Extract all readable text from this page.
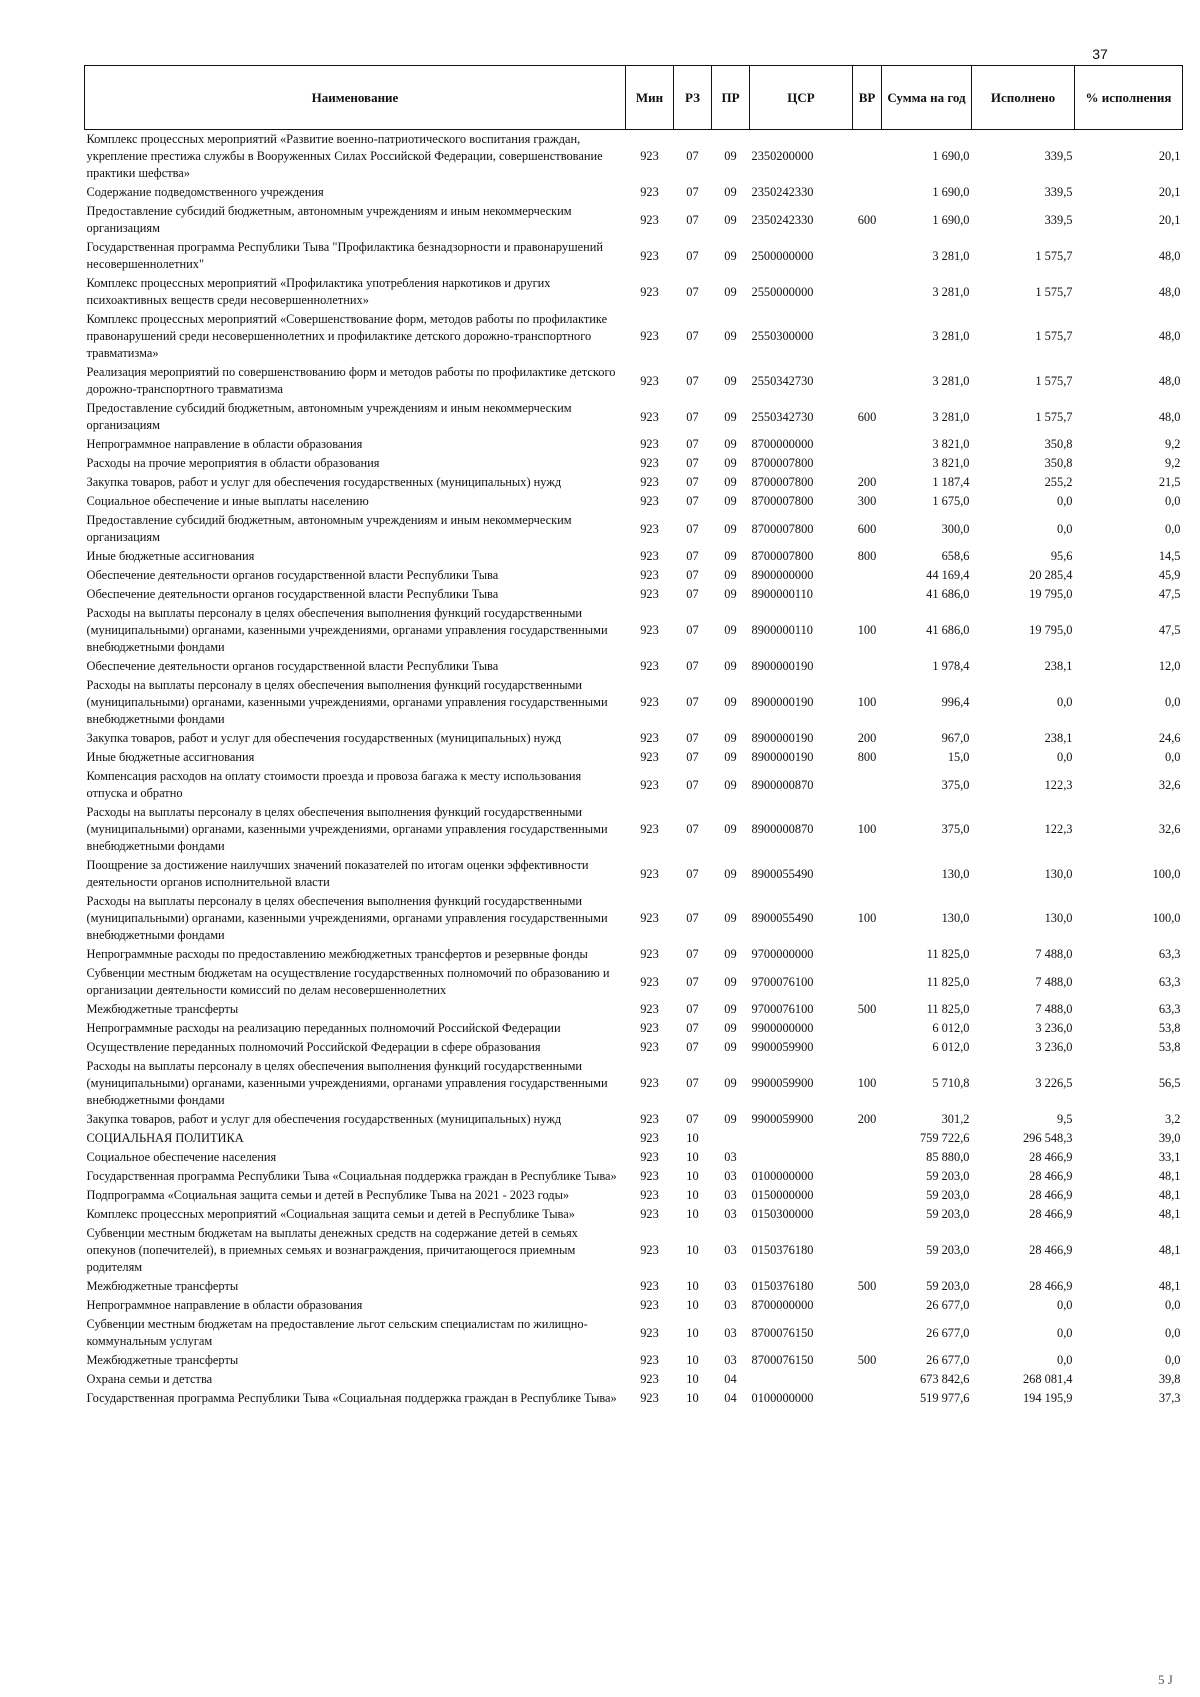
37
Наименование	Мин	РЗ	ПР	ЦСР	ВР	Сумма на год	Исполнено	% исполнения
Комплекс процессных мероприятий «Развитие военно-патриотического воспитания граждан, укрепление престижа службы в Вооруженных Силах Российской Федерации, совершенствование практики шефства»	923	07	09	2350200000		1 690,0	339,5	20,1
Содержание подведомственного учреждения	923	07	09	2350242330		1 690,0	339,5	20,1
Предоставление субсидий бюджетным, автономным учреждениям и иным некоммерческим организациям	923	07	09	2350242330	600	1 690,0	339,5	20,1
Государственная программа Республики Тыва "Профилактика безнадзорности и правонарушений несовершеннолетних"	923	07	09	2500000000		3 281,0	1 575,7	48,0
Комплекс процессных мероприятий «Профилактика употребления наркотиков и других психоактивных веществ среди несовершеннолетних»	923	07	09	2550000000		3 281,0	1 575,7	48,0
Комплекс процессных мероприятий «Совершенствование форм, методов работы по профилактике правонарушений среди несовершеннолетних и профилактике детского дорожно-транспортного травматизма»	923	07	09	2550300000		3 281,0	1 575,7	48,0
Реализация мероприятий по совершенствованию форм и методов работы по профилактике детского дорожно-транспортного травматизма	923	07	09	2550342730		3 281,0	1 575,7	48,0
Предоставление субсидий бюджетным, автономным учреждениям и иным некоммерческим организациям	923	07	09	2550342730	600	3 281,0	1 575,7	48,0
Непрограммное направление в области образования	923	07	09	8700000000		3 821,0	350,8	9,2
Расходы на прочие мероприятия в области образования	923	07	09	8700007800		3 821,0	350,8	9,2
Закупка товаров, работ и услуг для обеспечения государственных (муниципальных) нужд	923	07	09	8700007800	200	1 187,4	255,2	21,5
Социальное обеспечение и иные выплаты населению	923	07	09	8700007800	300	1 675,0	0,0	0,0
Предоставление субсидий бюджетным, автономным учреждениям и иным некоммерческим организациям	923	07	09	8700007800	600	300,0	0,0	0,0
Иные бюджетные ассигнования	923	07	09	8700007800	800	658,6	95,6	14,5
Обеспечение деятельности органов государственной власти Республики Тыва	923	07	09	8900000000		44 169,4	20 285,4	45,9
Обеспечение деятельности органов государственной власти Республики Тыва	923	07	09	8900000110		41 686,0	19 795,0	47,5
Расходы на выплаты персоналу в целях обеспечения выполнения функций государственными (муниципальными) органами, казенными учреждениями, органами управления государственными внебюджетными фондами	923	07	09	8900000110	100	41 686,0	19 795,0	47,5
Обеспечение деятельности органов государственной власти Республики Тыва	923	07	09	8900000190		1 978,4	238,1	12,0
Расходы на выплаты персоналу в целях обеспечения выполнения функций государственными (муниципальными) органами, казенными учреждениями, органами управления государственными внебюджетными фондами	923	07	09	8900000190	100	996,4	0,0	0,0
Закупка товаров, работ и услуг для обеспечения государственных (муниципальных) нужд	923	07	09	8900000190	200	967,0	238,1	24,6
Иные бюджетные ассигнования	923	07	09	8900000190	800	15,0	0,0	0,0
Компенсация расходов на оплату стоимости проезда и провоза багажа к месту использования отпуска и обратно	923	07	09	8900000870		375,0	122,3	32,6
Расходы на выплаты персоналу в целях обеспечения выполнения функций государственными (муниципальными) органами, казенными учреждениями, органами управления государственными внебюджетными фондами	923	07	09	8900000870	100	375,0	122,3	32,6
Поощрение за достижение наилучших значений показателей по итогам оценки эффективности деятельности органов исполнительной власти	923	07	09	8900055490		130,0	130,0	100,0
Расходы на выплаты персоналу в целях обеспечения выполнения функций государственными (муниципальными) органами, казенными учреждениями, органами управления государственными внебюджетными фондами	923	07	09	8900055490	100	130,0	130,0	100,0
Непрограммные расходы по предоставлению межбюджетных трансфертов и резервные фонды	923	07	09	9700000000		11 825,0	7 488,0	63,3
Субвенции местным бюджетам на осуществление государственных полномочий по образованию и организации деятельности комиссий по делам несовершеннолетних	923	07	09	9700076100		11 825,0	7 488,0	63,3
Межбюджетные трансферты	923	07	09	9700076100	500	11 825,0	7 488,0	63,3
Непрограммные расходы на реализацию переданных полномочий Российской Федерации	923	07	09	9900000000		6 012,0	3 236,0	53,8
Осуществление переданных полномочий Российской Федерации в сфере образования	923	07	09	9900059900		6 012,0	3 236,0	53,8
Расходы на выплаты персоналу в целях обеспечения выполнения функций государственными (муниципальными) органами, казенными учреждениями, органами управления государственными внебюджетными фондами	923	07	09	9900059900	100	5 710,8	3 226,5	56,5
Закупка товаров, работ и услуг для обеспечения государственных (муниципальных) нужд	923	07	09	9900059900	200	301,2	9,5	3,2
СОЦИАЛЬНАЯ ПОЛИТИКА	923	10				759 722,6	296 548,3	39,0
Социальное обеспечение населения	923	10	03			85 880,0	28 466,9	33,1
Государственная программа Республики Тыва «Социальная поддержка граждан в Республике Тыва»	923	10	03	0100000000		59 203,0	28 466,9	48,1
Подпрограмма «Социальная защита семьи и детей в Республике Тыва на 2021 - 2023 годы»	923	10	03	0150000000		59 203,0	28 466,9	48,1
Комплекс процессных мероприятий «Социальная защита семьи и детей в Республике Тыва»	923	10	03	0150300000		59 203,0	28 466,9	48,1
Субвенции местным бюджетам на выплаты денежных средств на содержание детей в семьях опекунов (попечителей), в приемных семьях и вознаграждения, причитающегося приемным родителям	923	10	03	0150376180		59 203,0	28 466,9	48,1
Межбюджетные трансферты	923	10	03	0150376180	500	59 203,0	28 466,9	48,1
Непрограммное направление в области образования	923	10	03	8700000000		26 677,0	0,0	0,0
Субвенции местным бюджетам на предоставление льгот сельским специалистам по жилищно-коммунальным услугам	923	10	03	8700076150		26 677,0	0,0	0,0
Межбюджетные трансферты	923	10	03	8700076150	500	26 677,0	0,0	0,0
Охрана семьи и детства	923	10	04			673 842,6	268 081,4	39,8
Государственная программа Республики Тыва «Социальная поддержка граждан в Республике Тыва»	923	10	04	0100000000		519 977,6	194 195,9	37,3
5 J
